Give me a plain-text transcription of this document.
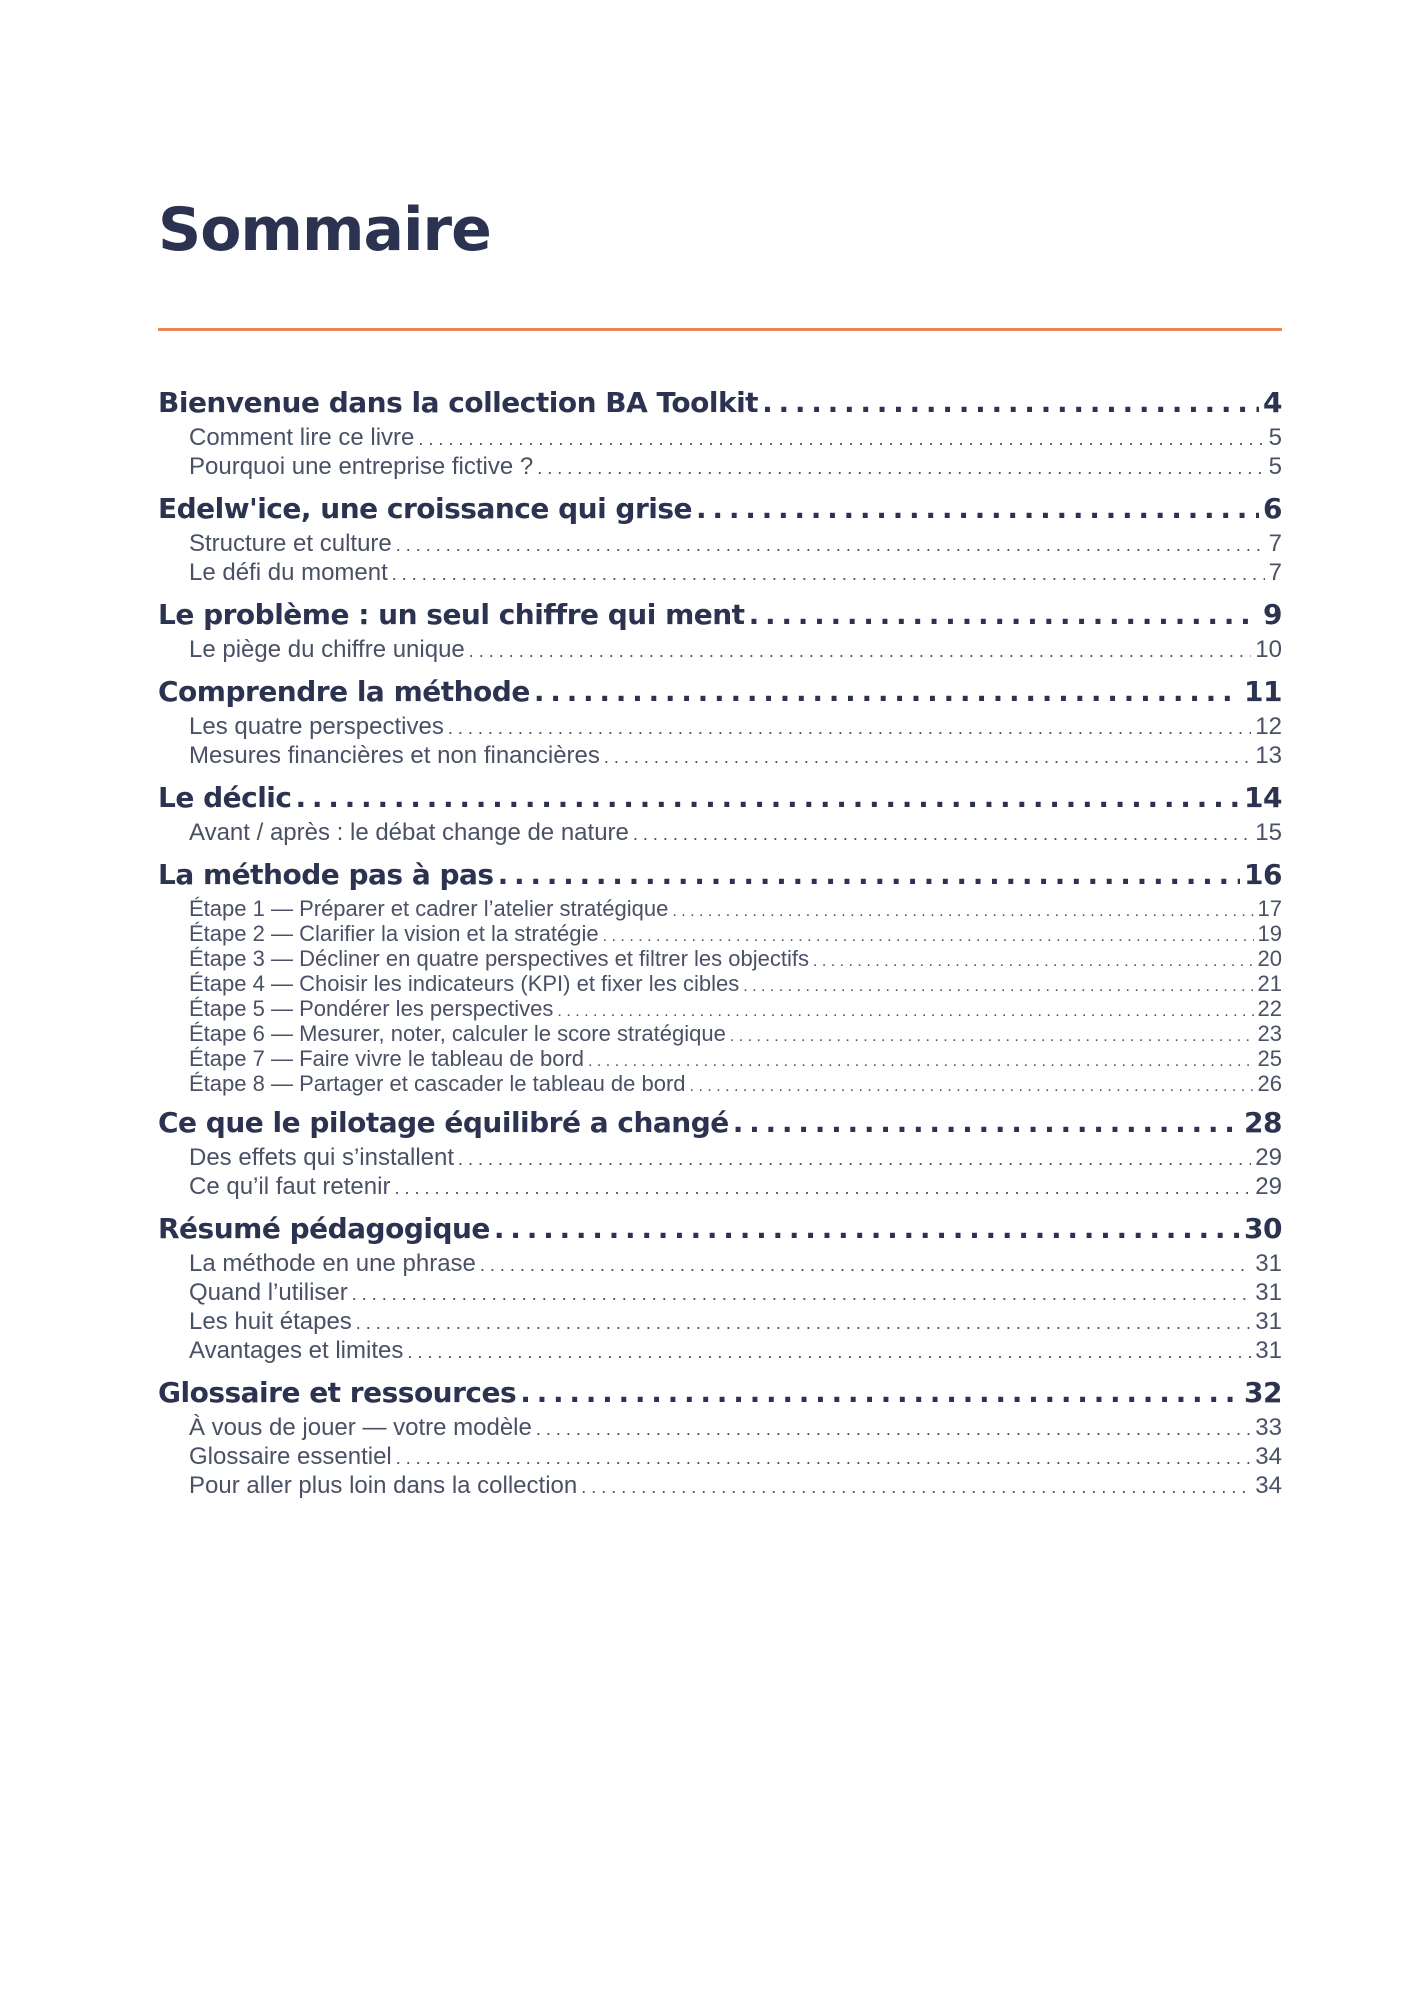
Sommaire
Bienvenue dans la collection BA Toolkit . . .	4
Comment lire ce livre . . .	5
Pourquoi une entreprise fictive ? . . .	5
Edelw'ice, une croissance qui grise . . .	6
Structure et culture . . .	7
Le défi du moment . . .	7
Le problème : un seul chiffre qui ment . . .	9
Le piège du chiffre unique . . .	10
Comprendre la méthode . . .	11
Les quatre perspectives . . .	12
Mesures financières et non financières . . .	13
Le déclic . . .	14
Avant / après : le débat change de nature . . .	15
La méthode pas à pas . . .	16
Étape 1 — Préparer et cadrer l’atelier stratégique . . .	17
Étape 2 — Clarifier la vision et la stratégie . . .	19
Étape 3 — Décliner en quatre perspectives et filtrer les objectifs . . .	20
Étape 4 — Choisir les indicateurs (KPI) et fixer les cibles . . .	21
Étape 5 — Pondérer les perspectives . . .	22
Étape 6 — Mesurer, noter, calculer le score stratégique . . .	23
Étape 7 — Faire vivre le tableau de bord . . .	25
Étape 8 — Partager et cascader le tableau de bord . . .	26
Ce que le pilotage équilibré a changé . . .	28
Des effets qui s’installent . . .	29
Ce qu’il faut retenir . . .	29
Résumé pédagogique . . .	30
La méthode en une phrase . . .	31
Quand l’utiliser . . .	31
Les huit étapes . . .	31
Avantages et limites . . .	31
Glossaire et ressources . . .	32
À vous de jouer — votre modèle . . .	33
Glossaire essentiel . . .	34
Pour aller plus loin dans la collection . . .	34
